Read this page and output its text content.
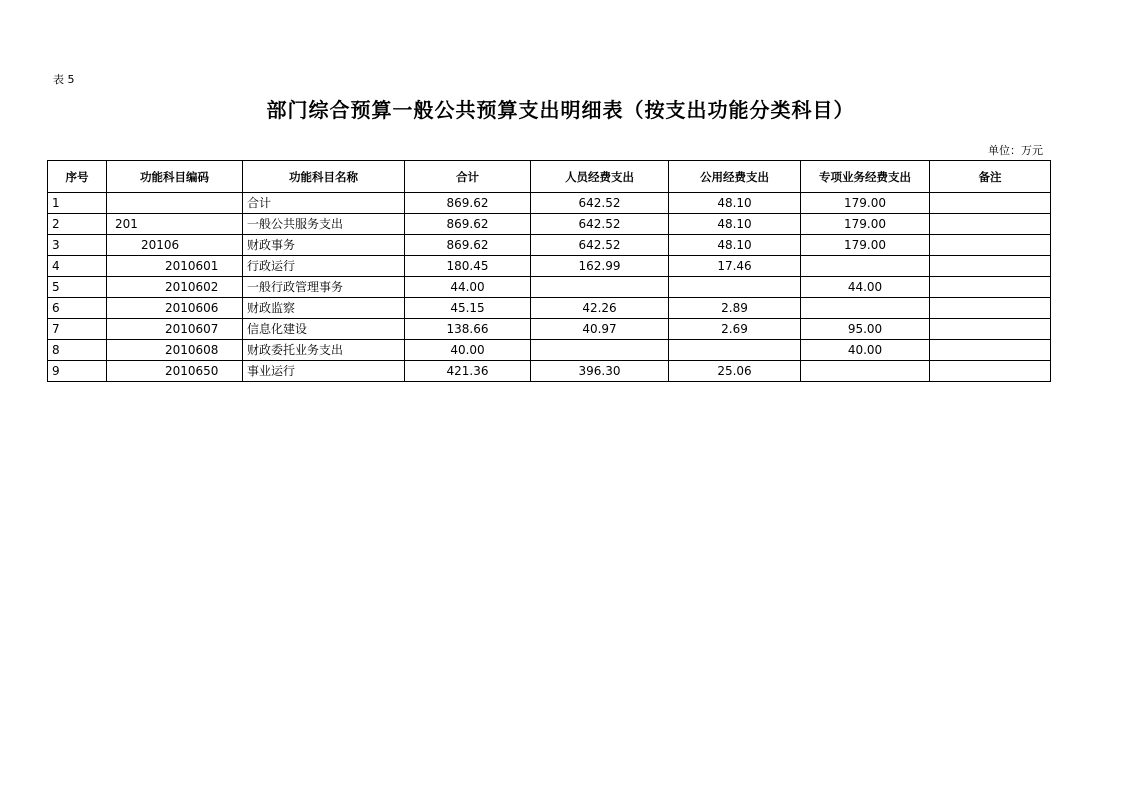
表 5
部门综合预算一般公共预算支出明细表（按支出功能分类科目）
单位：万元
序号	功能科目编码	功能科目名称	合计	人员经费支出	公用经费支出	专项业务经费支出	备注
1		合计	869.62	642.52	48.10	179.00	
2	201	一般公共服务支出	869.62	642.52	48.10	179.00	
3	20106	财政事务	869.62	642.52	48.10	179.00	
4	2010601	行政运行	180.45	162.99	17.46		
5	2010602	一般行政管理事务	44.00			44.00	
6	2010606	财政监察	45.15	42.26	2.89		
7	2010607	信息化建设	138.66	40.97	2.69	95.00	
8	2010608	财政委托业务支出	40.00			40.00	
9	2010650	事业运行	421.36	396.30	25.06		
